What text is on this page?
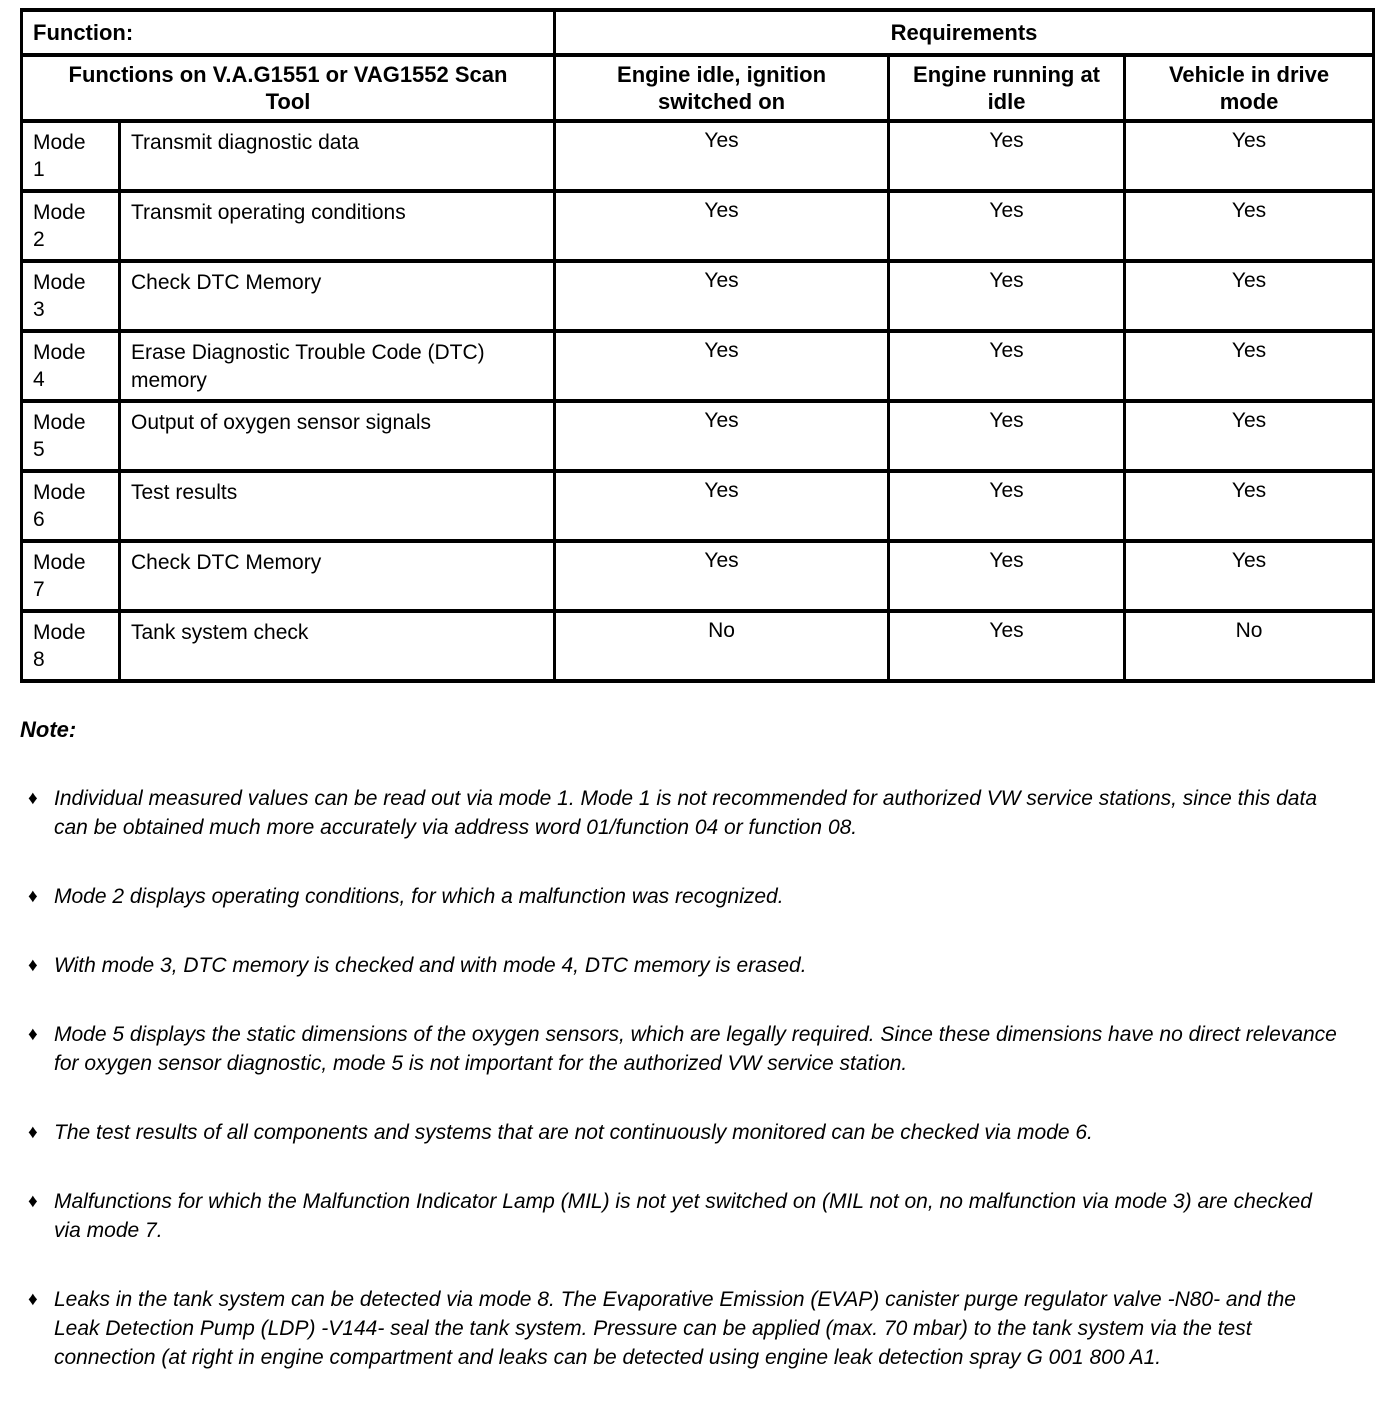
Function:		Requirements		
Functions on V.A.G1551 or VAG1552 Scan Tool		Engine idle, ignition switched on	Engine running at idle	Vehicle in drive mode
Mode 1	Transmit diagnostic data	Yes	Yes	Yes
Mode 2	Transmit operating conditions	Yes	Yes	Yes
Mode 3	Check DTC Memory	Yes	Yes	Yes
Mode 4	Erase Diagnostic Trouble Code (DTC) memory	Yes	Yes	Yes
Mode 5	Output of oxygen sensor signals	Yes	Yes	Yes
Mode 6	Test results	Yes	Yes	Yes
Mode 7	Check DTC Memory	Yes	Yes	Yes
Mode 8	Tank system check	No	Yes	No
Note:
♦ Individual measured values can be read out via mode 1. Mode 1 is not recommended for authorized VW service stations, since this data can be obtained much more accurately via address word 01/function 04 or function 08.
♦ Mode 2 displays operating conditions, for which a malfunction was recognized.
♦ With mode 3, DTC memory is checked and with mode 4, DTC memory is erased.
♦ Mode 5 displays the static dimensions of the oxygen sensors, which are legally required. Since these dimensions have no direct relevance for oxygen sensor diagnostic, mode 5 is not important for the authorized VW service station.
♦ The test results of all components and systems that are not continuously monitored can be checked via mode 6.
♦ Malfunctions for which the Malfunction Indicator Lamp (MIL) is not yet switched on (MIL not on, no malfunction via mode 3) are checked via mode 7.
♦ Leaks in the tank system can be detected via mode 8. The Evaporative Emission (EVAP) canister purge regulator valve -N80- and the Leak Detection Pump (LDP) -V144- seal the tank system. Pressure can be applied (max. 70 mbar) to the tank system via the test connection (at right in engine compartment and leaks can be detected using engine leak detection spray G 001 800 A1.
